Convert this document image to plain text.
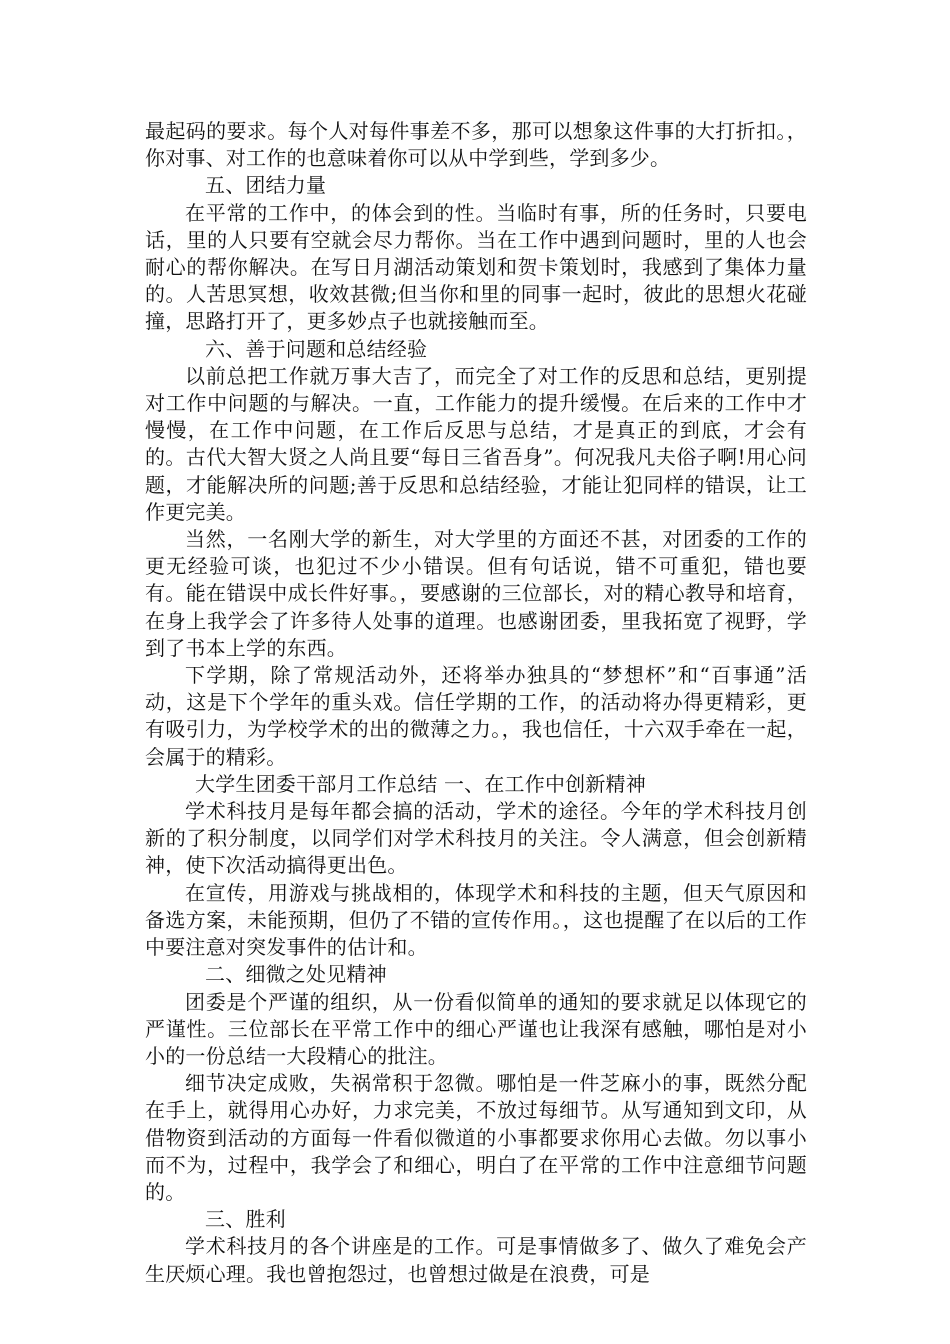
最起码的要求。每个人对每件事差不多，那可以想象这件事的大打折扣。，你对事、对工作的也意味着你可以从中学到些，学到多少。

五、团结力量

在平常的工作中，的体会到的性。当临时有事，所的任务时，只要电话，里的人只要有空就会尽力帮你。当在工作中遇到问题时，里的人也会耐心的帮你解决。在写日月湖活动策划和贺卡策划时，我感到了集体力量的。人苦思冥想，收效甚微;但当你和里的同事一起时，彼此的思想火花碰撞，思路打开了，更多妙点子也就接触而至。

六、善于问题和总结经验

以前总把工作就万事大吉了，而完全了对工作的反思和总结，更别提对工作中问题的与解决。一直，工作能力的提升缓慢。在后来的工作中才慢慢，在工作中问题，在工作后反思与总结，才是真正的到底，才会有的。古代大智大贤之人尚且要“每日三省吾身”。何况我凡夫俗子啊!用心问题，才能解决所的问题;善于反思和总结经验，才能让犯同样的错误，让工作更完美。

当然，一名刚大学的新生，对大学里的方面还不甚，对团委的工作的更无经验可谈，也犯过不少小错误。但有句话说，错不可重犯，错也要有。能在错误中成长件好事。，要感谢的三位部长，对的精心教导和培育，在身上我学会了许多待人处事的道理。也感谢团委，里我拓宽了视野，学到了书本上学的东西。

下学期，除了常规活动外，还将举办独具的“梦想杯”和“百事通”活动，这是下个学年的重头戏。信任学期的工作，的活动将办得更精彩，更有吸引力，为学校学术的出的微薄之力。，我也信任，十六双手牵在一起，会属于的精彩。

大学生团委干部月工作总结 一、在工作中创新精神

学术科技月是每年都会搞的活动，学术的途径。今年的学术科技月创新的了积分制度，以同学们对学术科技月的关注。令人满意，但会创新精神，使下次活动搞得更出色。

在宣传，用游戏与挑战相的，体现学术和科技的主题，但天气原因和备选方案，未能预期，但仍了不错的宣传作用。，这也提醒了在以后的工作中要注意对突发事件的估计和。

二、细微之处见精神

团委是个严谨的组织，从一份看似简单的通知的要求就足以体现它的严谨性。三位部长在平常工作中的细心严谨也让我深有感触，哪怕是对小小的一份总结一大段精心的批注。

细节决定成败，失祸常积于忽微。哪怕是一件芝麻小的事，既然分配在手上，就得用心办好，力求完美，不放过每细节。从写通知到文印，从借物资到活动的方面每一件看似微道的小事都要求你用心去做。勿以事小而不为，过程中，我学会了和细心，明白了在平常的工作中注意细节问题的。

三、胜利

学术科技月的各个讲座是的工作。可是事情做多了、做久了难免会产生厌烦心理。我也曾抱怨过，也曾想过做是在浪费，可是
